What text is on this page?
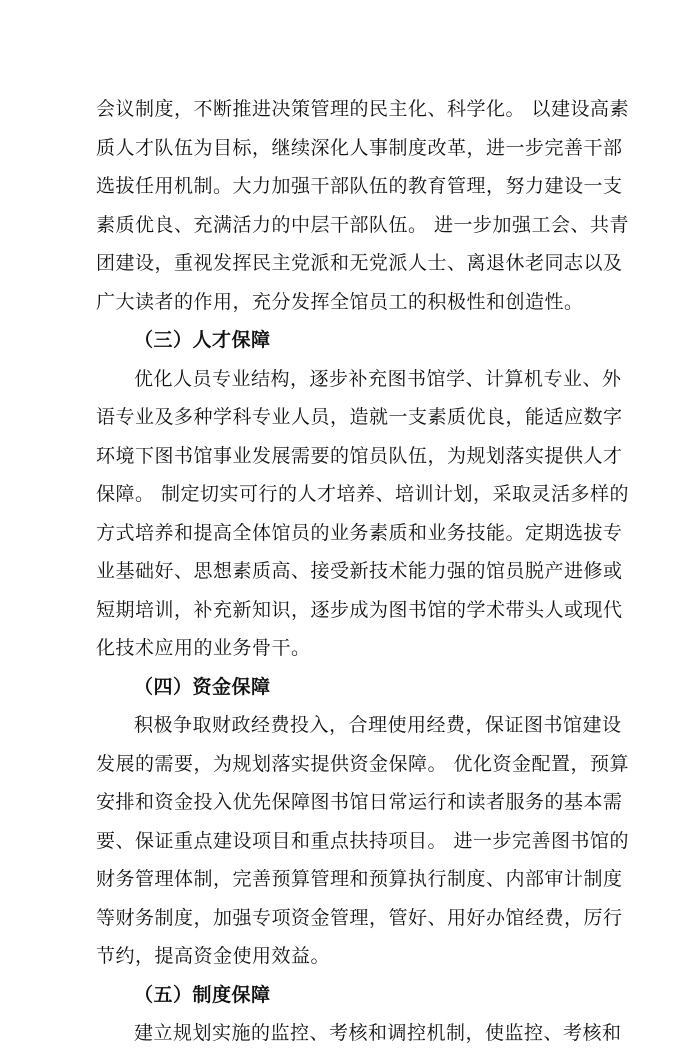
会议制度，不断推进决策管理的民主化、科学化。 以建设高素
质人才队伍为目标，继续深化人事制度改革，进一步完善干部
选拔任用机制。大力加强干部队伍的教育管理，努力建设一支
素质优良、充满活力的中层干部队伍。 进一步加强工会、共青
团建设，重视发挥民主党派和无党派人士、离退休老同志以及
广大读者的作用，充分发挥全馆员工的积极性和创造性。
（三）人才保障
优化人员专业结构，逐步补充图书馆学、计算机专业、外
语专业及多种学科专业人员，造就一支素质优良，能适应数字
环境下图书馆事业发展需要的馆员队伍，为规划落实提供人才
保障。 制定切实可行的人才培养、培训计划，采取灵活多样的
方式培养和提高全体馆员的业务素质和业务技能。定期选拔专
业基础好、思想素质高、接受新技术能力强的馆员脱产进修或
短期培训，补充新知识，逐步成为图书馆的学术带头人或现代
化技术应用的业务骨干。
（四）资金保障
积极争取财政经费投入，合理使用经费，保证图书馆建设
发展的需要，为规划落实提供资金保障。 优化资金配置，预算
安排和资金投入优先保障图书馆日常运行和读者服务的基本需
要、保证重点建设项目和重点扶持项目。 进一步完善图书馆的
财务管理体制，完善预算管理和预算执行制度、内部审计制度
等财务制度，加强专项资金管理，管好、用好办馆经费，厉行
节约，提高资金使用效益。
（五）制度保障
建立规划实施的监控、考核和调控机制，使监控、考核和
